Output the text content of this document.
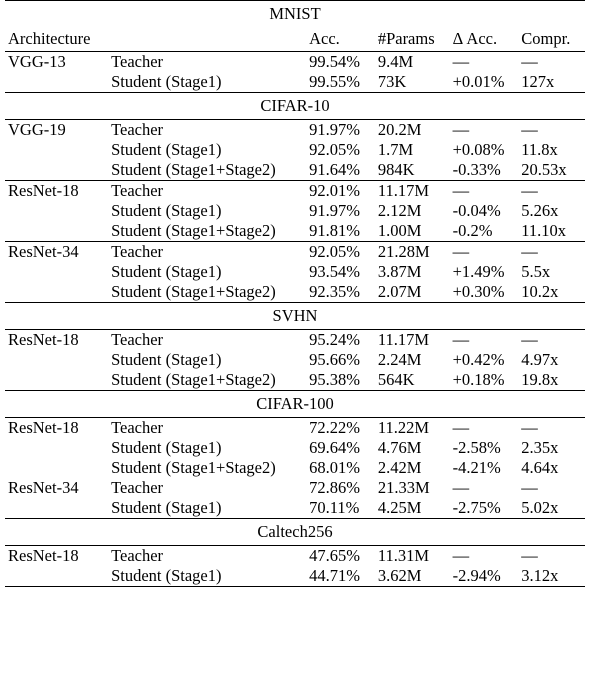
MNIST					
Architecture		Acc.	#Params	Δ Acc.	Compr.
VGG-13	Teacher	99.54%	9.4M	—	—
	Student (Stage1)	99.55%	73K	+0.01%	127x
CIFAR-10					
VGG-19	Teacher	91.97%	20.2M	—	—
	Student (Stage1)	92.05%	1.7M	+0.08%	11.8x
	Student (Stage1+Stage2)	91.64%	984K	-0.33%	20.53x
ResNet-18	Teacher	92.01%	11.17M	—	—
	Student (Stage1)	91.97%	2.12M	-0.04%	5.26x
	Student (Stage1+Stage2)	91.81%	1.00M	-0.2%	11.10x
ResNet-34	Teacher	92.05%	21.28M	—	—
	Student (Stage1)	93.54%	3.87M	+1.49%	5.5x
	Student (Stage1+Stage2)	92.35%	2.07M	+0.30%	10.2x
SVHN					
ResNet-18	Teacher	95.24%	11.17M	—	—
	Student (Stage1)	95.66%	2.24M	+0.42%	4.97x
	Student (Stage1+Stage2)	95.38%	564K	+0.18%	19.8x
CIFAR-100					
ResNet-18	Teacher	72.22%	11.22M	—	—
	Student (Stage1)	69.64%	4.76M	-2.58%	2.35x
	Student (Stage1+Stage2)	68.01%	2.42M	-4.21%	4.64x
ResNet-34	Teacher	72.86%	21.33M	—	—
	Student (Stage1)	70.11%	4.25M	-2.75%	5.02x
Caltech256					
ResNet-18	Teacher	47.65%	11.31M	—	—
	Student (Stage1)	44.71%	3.62M	-2.94%	3.12x
